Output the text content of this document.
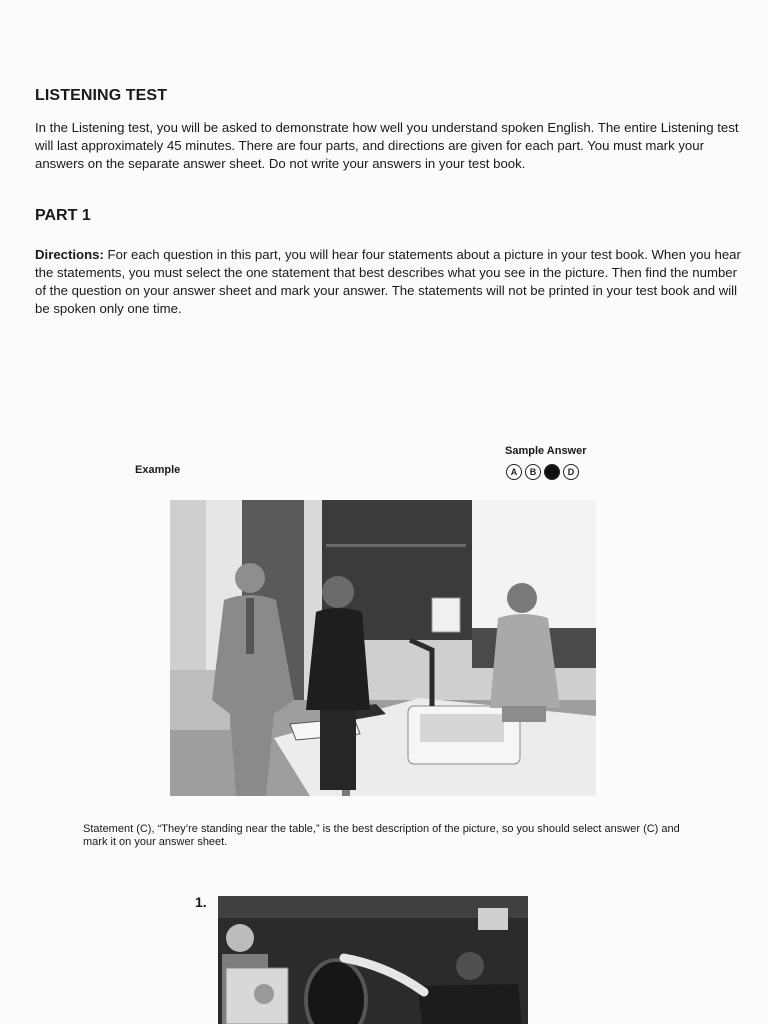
LISTENING TEST
In the Listening test, you will be asked to demonstrate how well you understand spoken English. The entire Listening test will last approximately 45 minutes. There are four parts, and directions are given for each part. You must mark your answers on the separate answer sheet. Do not write your answers in your test book.
PART 1
Directions: For each question in this part, you will hear four statements about a picture in your test book. When you hear the statements, you must select the one statement that best describes what you see in the picture. Then find the number of the question on your answer sheet and mark your answer. The statements will not be printed in your test book and will be spoken only one time.
Example
Sample Answer
A	B	C	D
Statement (C), “They’re standing near the table,” is the best description of the picture, so you should select answer (C) and mark it on your answer sheet.
1.
